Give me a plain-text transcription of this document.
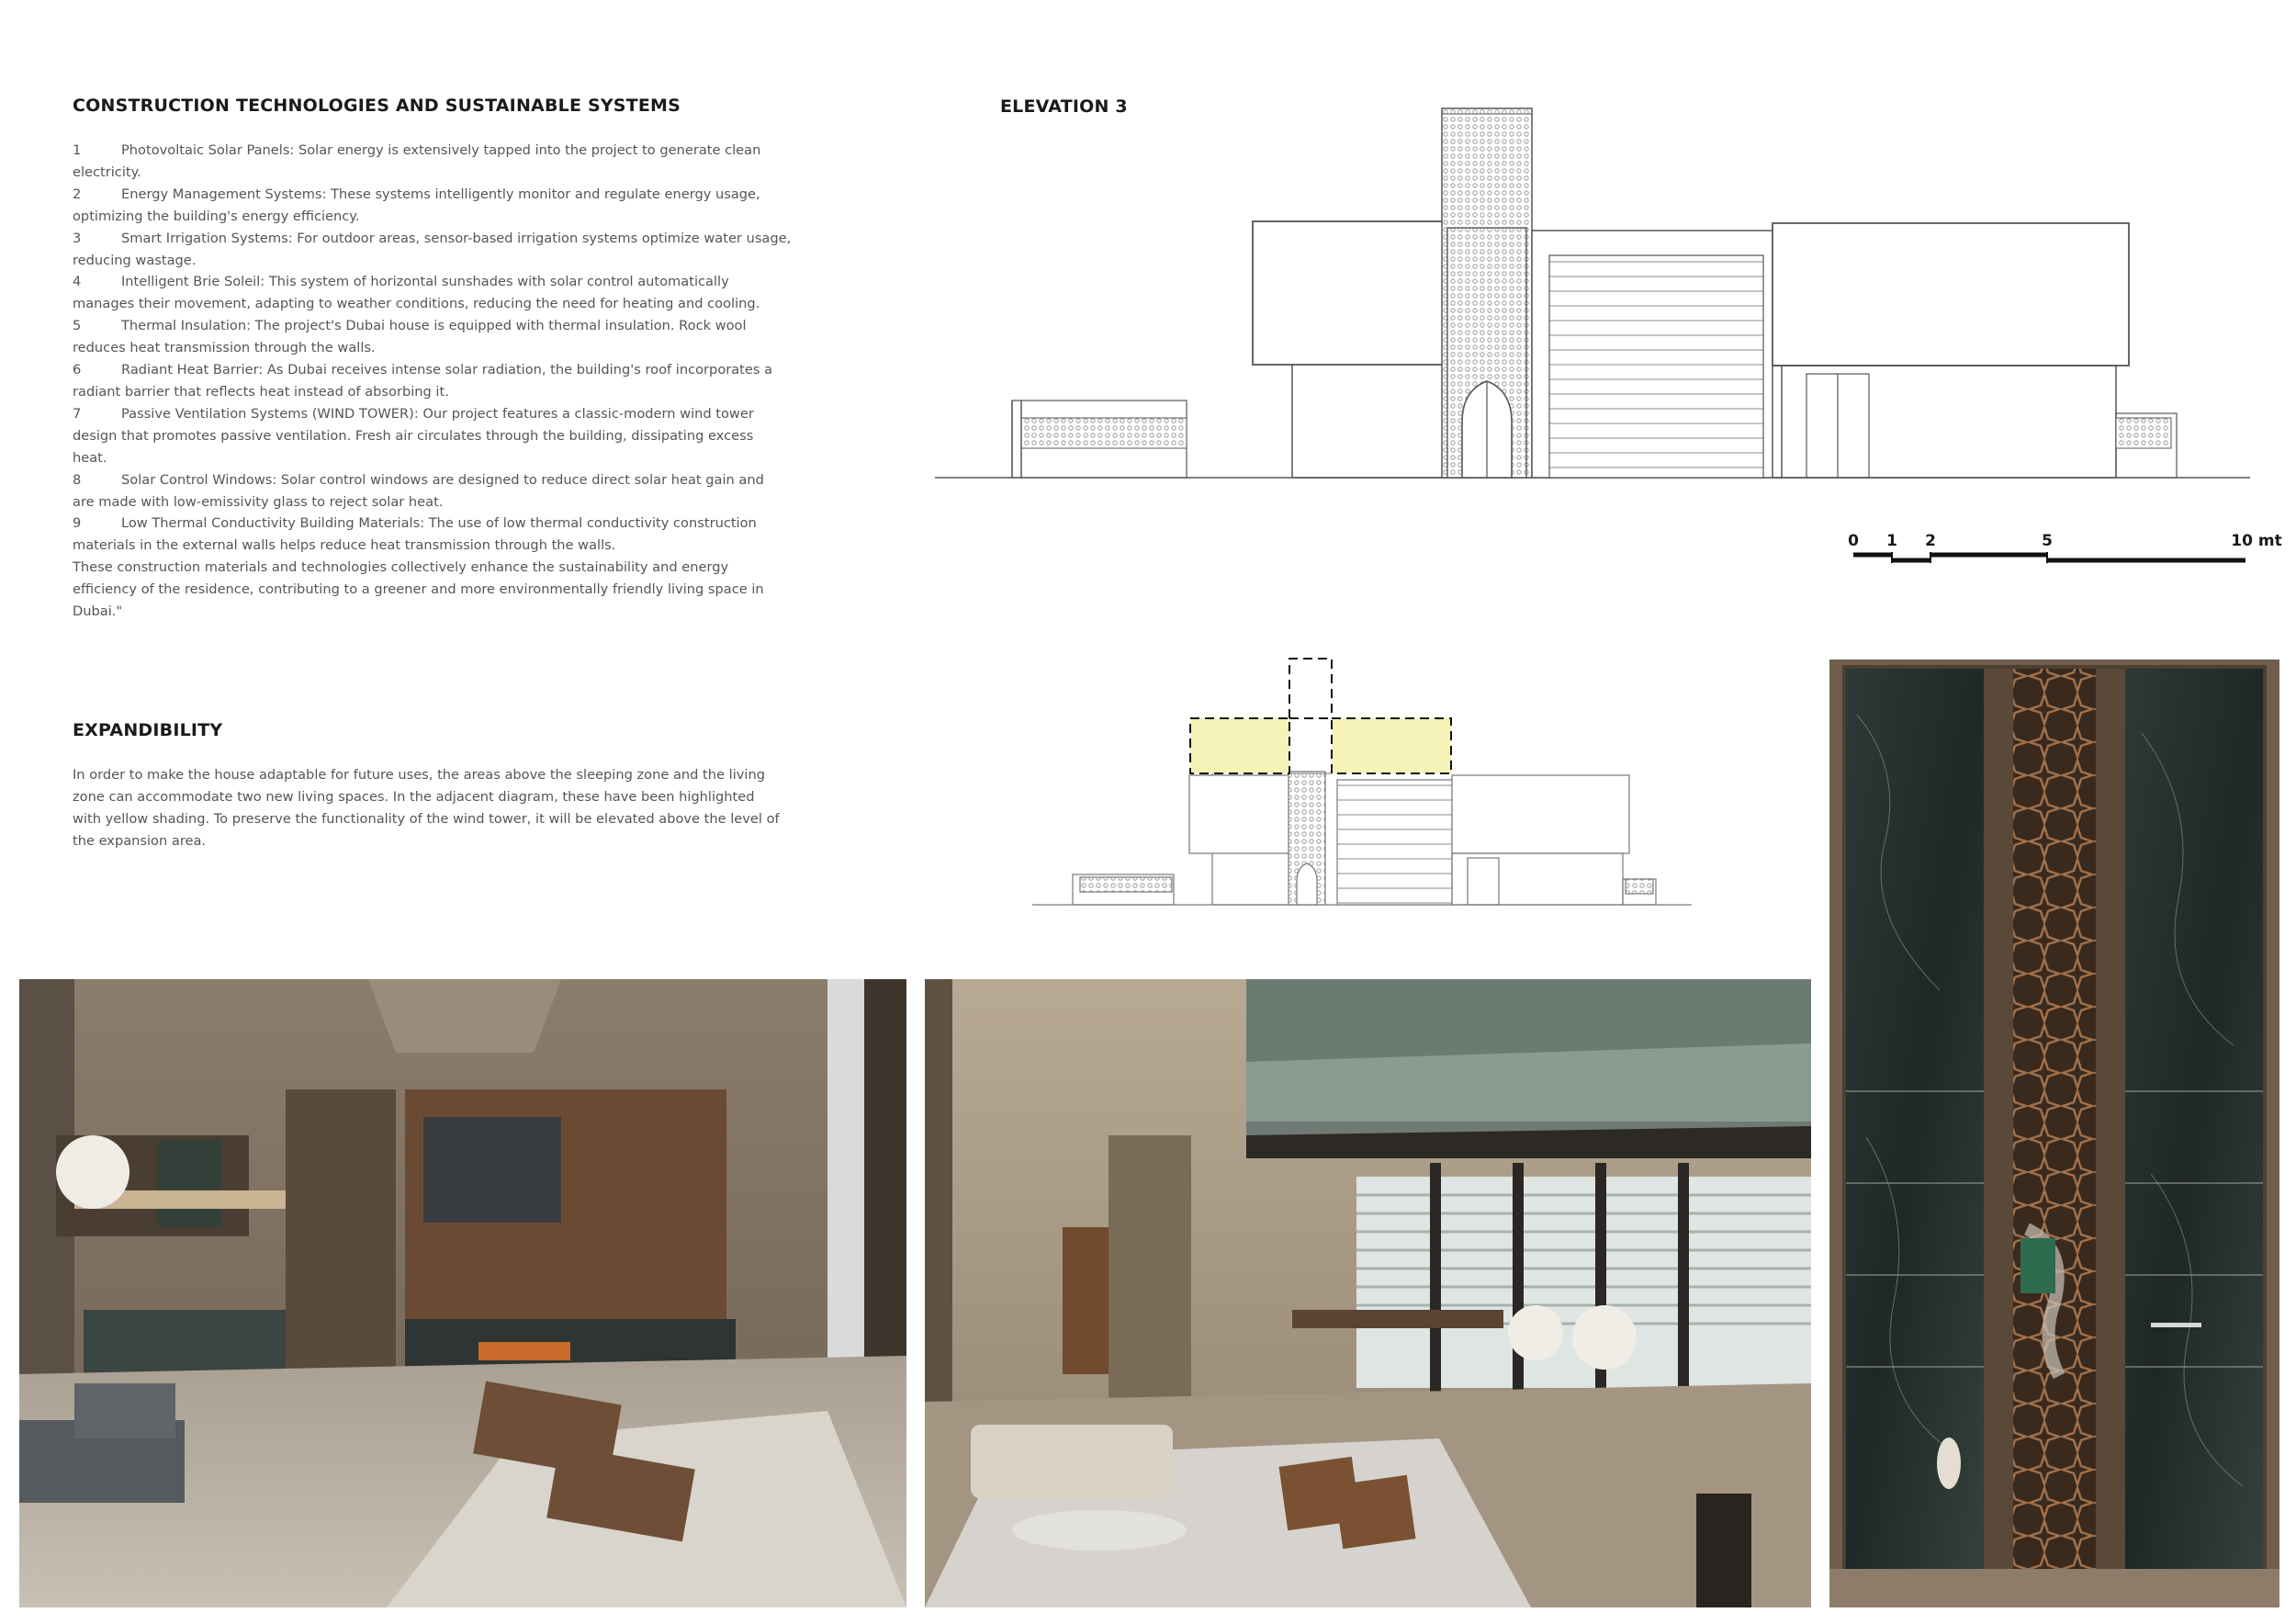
CONSTRUCTION TECHNOLOGIES AND SUSTAINABLE SYSTEMS

1	Photovoltaic Solar Panels: Solar energy is extensively tapped into the project to generate clean

electricity.

2	Energy Management Systems: These systems intelligently monitor and regulate energy usage,

optimizing the building's energy efficiency.

3	Smart Irrigation Systems: For outdoor areas, sensor-based irrigation systems optimize water usage,

reducing wastage.

4	Intelligent Brie Soleil: This system of horizontal sunshades with solar control automatically

manages their movement, adapting to weather conditions, reducing the need for heating and cooling.

5	Thermal Insulation: The project's Dubai house is equipped with thermal insulation. Rock wool

reduces heat transmission through the walls.

6	Radiant Heat Barrier: As Dubai receives intense solar radiation, the building's roof incorporates a

radiant barrier that reflects heat instead of absorbing it.

7	Passive Ventilation Systems (WIND TOWER): Our project features a classic-modern wind tower

design that promotes passive ventilation. Fresh air circulates through the building, dissipating excess

heat.

8	Solar Control Windows: Solar control windows are designed to reduce direct solar heat gain and

are made with low-emissivity glass to reject solar heat.

9	Low Thermal Conductivity Building Materials: The use of low thermal conductivity construction

materials in the external walls helps reduce heat transmission through the walls.

These construction materials and technologies collectively enhance the sustainability and energy

efficiency of the residence, contributing to a greener and more environmentally friendly living space in

Dubai."

EXPANDIBILITY

In order to make the house adaptable for future uses, the areas above the sleeping zone and the living

zone can accommodate two new living spaces. In the adjacent diagram, these have been highlighted

with yellow shading. To preserve the functionality of the wind tower, it will be elevated above the level of

the expansion area.

ELEVATION 3
0 1 2	5	10 mt
